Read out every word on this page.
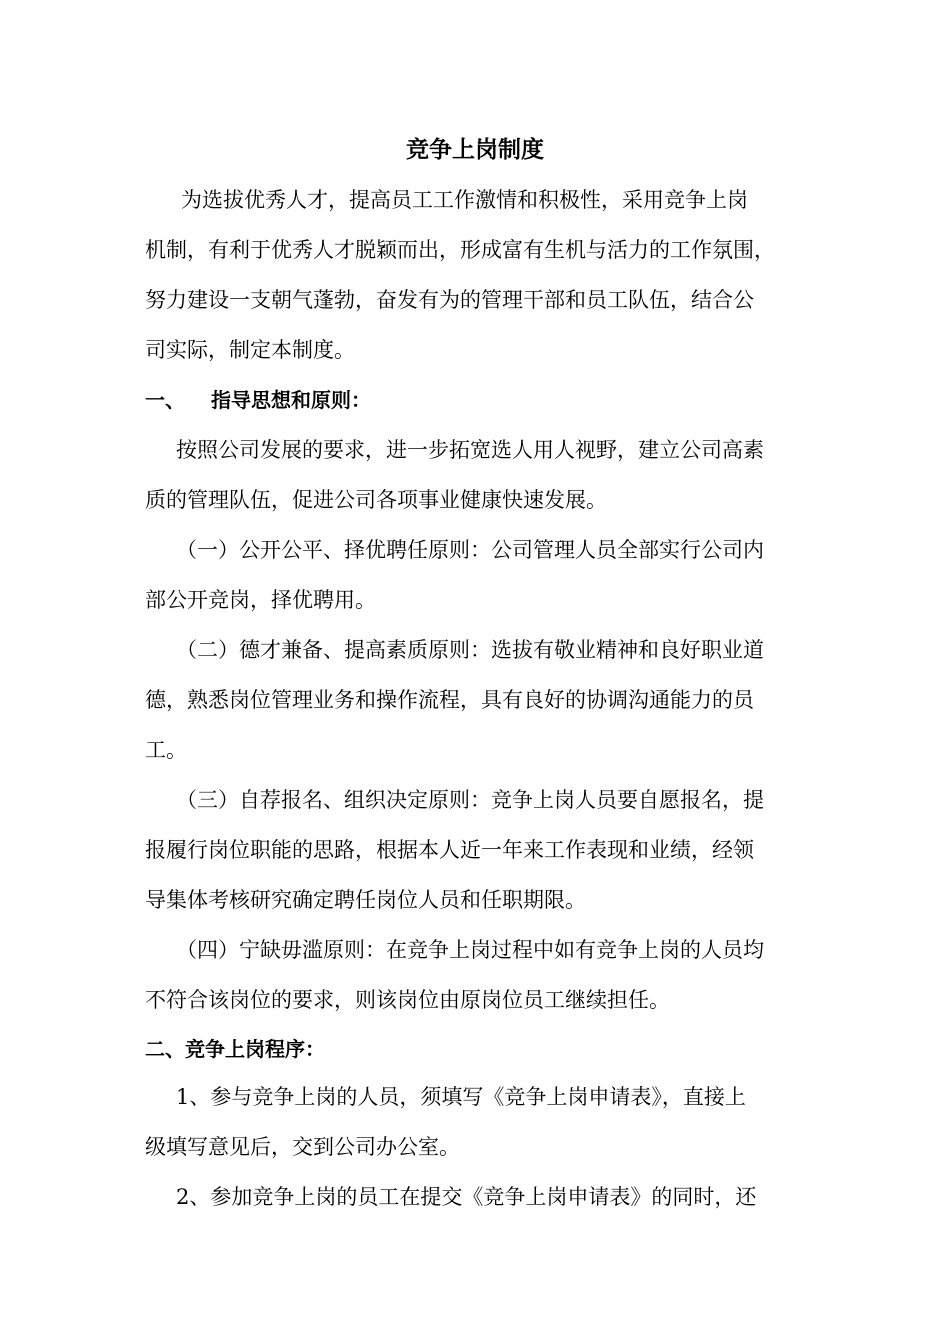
竞争上岗制度

　为选拔优秀人才，提高员工工作激情和积极性，采用竞争上岗

机制，有利于优秀人才脱颖而出，形成富有生机与活力的工作氛围，

努力建设一支朝气蓬勃，奋发有为的管理干部和员工队伍，结合公

司实际，制定本制度。

一、 指导思想和原则：

按照公司发展的要求，进一步拓宽选人用人视野，建立公司高素

质的管理队伍，促进公司各项事业健康快速发展。

（一）公开公平、择优聘任原则：公司管理人员全部实行公司内

部公开竞岗，择优聘用。

（二）德才兼备、提高素质原则：选拔有敬业精神和良好职业道

德，熟悉岗位管理业务和操作流程，具有良好的协调沟通能力的员

工。

（三）自荐报名、组织决定原则：竞争上岗人员要自愿报名，提

报履行岗位职能的思路，根据本人近一年来工作表现和业绩，经领

导集体考核研究确定聘任岗位人员和任职期限。

（四）宁缺毋滥原则：在竞争上岗过程中如有竞争上岗的人员均

不符合该岗位的要求，则该岗位由原岗位员工继续担任。

二、竞争上岗程序：

1、参与竞争上岗的人员，须填写《竞争上岗申请表》，直接上

级填写意见后，交到公司办公室。

2、参加竞争上岗的员工在提交《竞争上岗申请表》的同时，还
